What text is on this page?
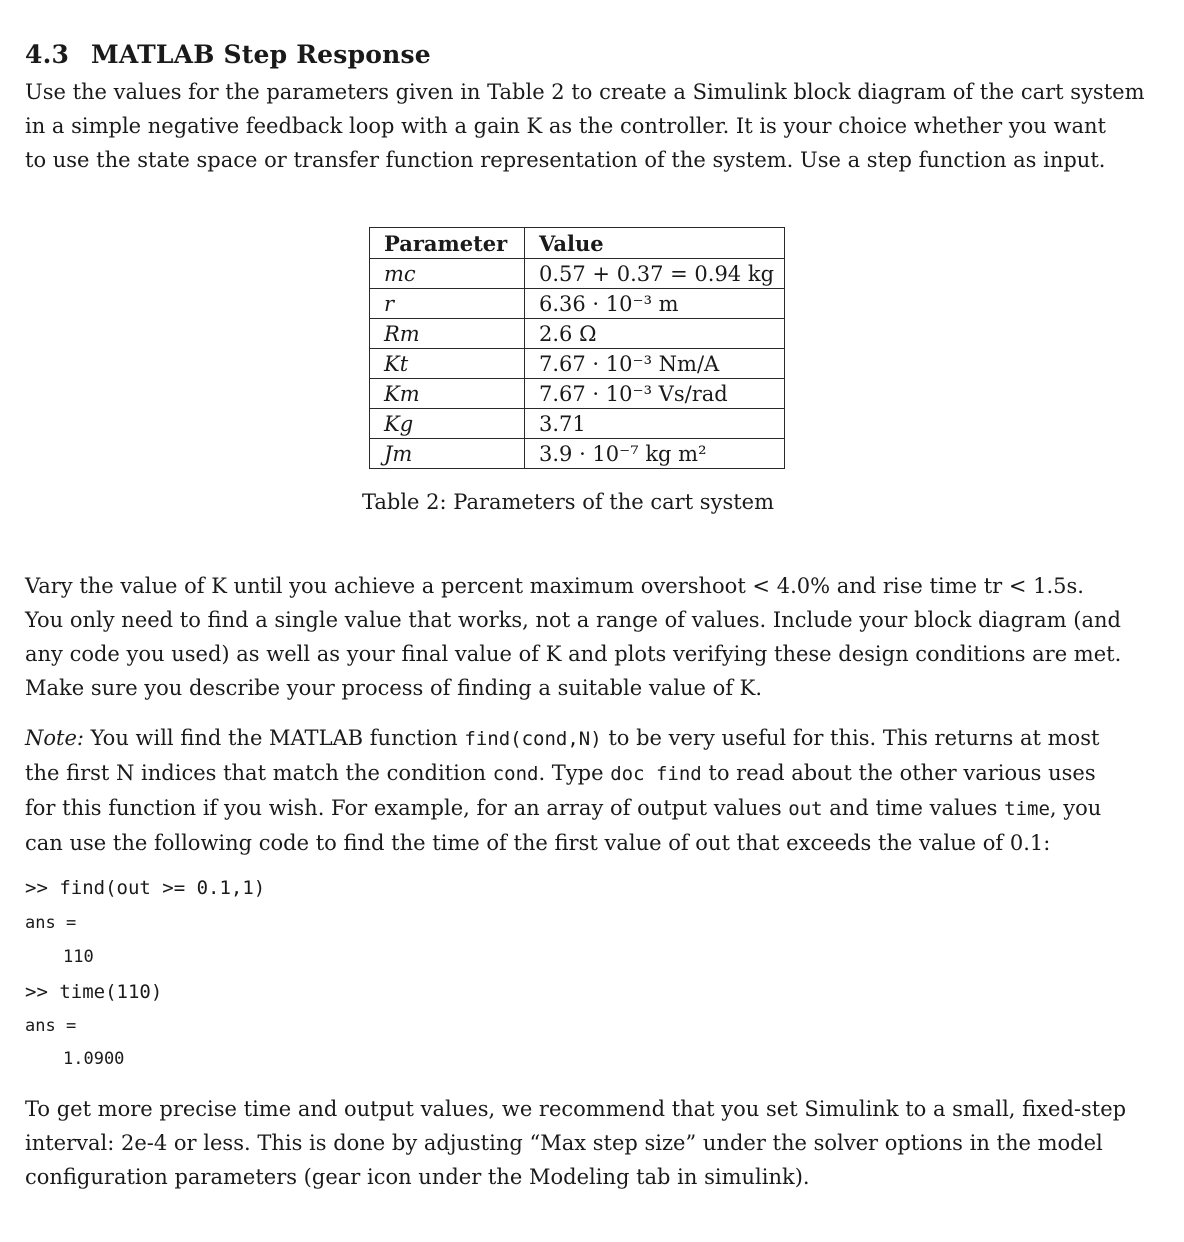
4.3 MATLAB Step Response
Use the values for the parameters given in Table 2 to create a Simulink block diagram of the cart system
in a simple negative feedback loop with a gain K as the controller. It is your choice whether you want
to use the state space or transfer function representation of the system. Use a step function as input.
Parameter	Value
mc	0.57 + 0.37 = 0.94 kg
r	6.36 · 10⁻³ m
Rm	2.6 Ω
Kt	7.67 · 10⁻³ Nm/A
Km	7.67 · 10⁻³ Vs/rad
Kg	3.71
Jm	3.9 · 10⁻⁷ kg m²
Table 2: Parameters of the cart system
Vary the value of K until you achieve a percent maximum overshoot < 4.0% and rise time tr < 1.5s.
You only need to find a single value that works, not a range of values. Include your block diagram (and
any code you used) as well as your final value of K and plots verifying these design conditions are met.
Make sure you describe your process of finding a suitable value of K.
Note: You will find the MATLAB function find(cond,N) to be very useful for this. This returns at most
the first N indices that match the condition cond. Type doc find to read about the other various uses
for this function if you wish. For example, for an array of output values out and time values time, you
can use the following code to find the time of the first value of out that exceeds the value of 0.1:
>> find(out >= 0.1,1)
ans =
110
>> time(110)
ans =
1.0900
To get more precise time and output values, we recommend that you set Simulink to a small, fixed-step
interval: 2e-4 or less. This is done by adjusting “Max step size” under the solver options in the model
configuration parameters (gear icon under the Modeling tab in simulink).
